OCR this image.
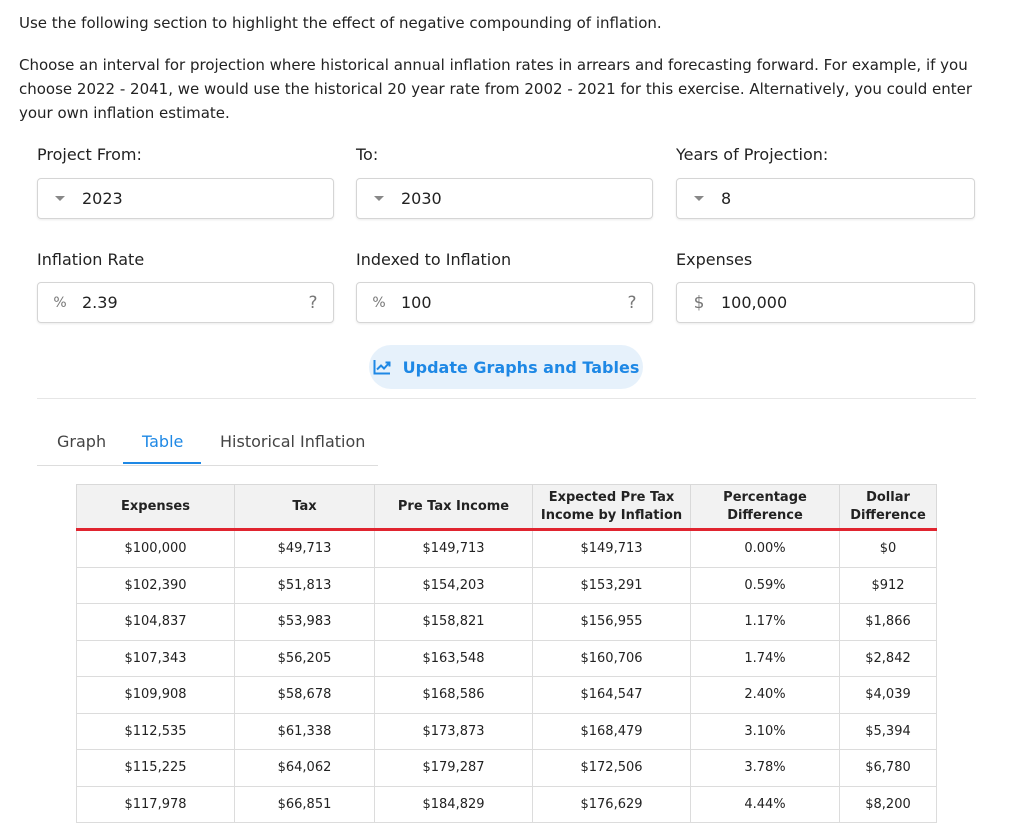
Use the following section to highlight the effect of negative compounding of inflation.

Choose an interval for projection where historical annual inflation rates in arrears and forecasting forward. For example, if you choose 2022 - 2041, we would use the historical 20 year rate from 2002 - 2021 for this exercise. Alternatively, you could enter your own inflation estimate.

Project From:
2023
To:
2030
Years of Projection:
8
Inflation Rate
% 2.39	?
Indexed to Inflation
% 100	?
Expenses
$	100,000
Update Graphs and Tables
Graph Table Historical Inflation
Expenses	Tax	Pre Tax Income	Expected Pre Tax Income by Inflation	Percentage Difference	Dollar Difference
$100,000	$49,713	$149,713	$149,713	0.00%	$0
$102,390	$51,813	$154,203	$153,291	0.59%	$912
$104,837	$53,983	$158,821	$156,955	1.17%	$1,866
$107,343	$56,205	$163,548	$160,706	1.74%	$2,842
$109,908	$58,678	$168,586	$164,547	2.40%	$4,039
$112,535	$61,338	$173,873	$168,479	3.10%	$5,394
$115,225	$64,062	$179,287	$172,506	3.78%	$6,780
$117,978	$66,851	$184,829	$176,629	4.44%	$8,200
